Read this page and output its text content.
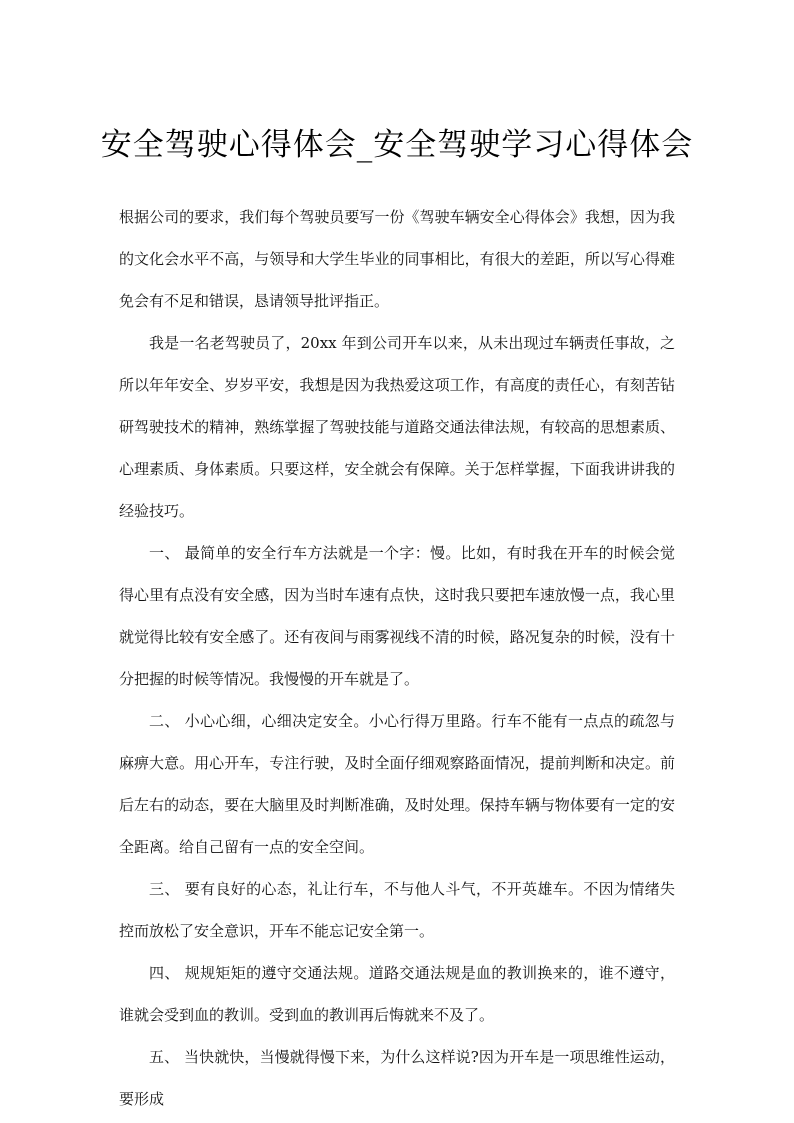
安全驾驶心得体会_安全驾驶学习心得体会

根据公司的要求，我们每个驾驶员要写一份《驾驶车辆安全心得体会》我想，因为我的文化会水平不高，与领导和大学生毕业的同事相比，有很大的差距，所以写心得难免会有不足和错误，恳请领导批评指正。

我是一名老驾驶员了，20xx 年到公司开车以来，从未出现过车辆责任事故，之所以年年安全、岁岁平安，我想是因为我热爱这项工作，有高度的责任心，有刻苦钻研驾驶技术的精神，熟练掌握了驾驶技能与道路交通法律法规，有较高的思想素质、心理素质、身体素质。只要这样，安全就会有保障。关于怎样掌握，下面我讲讲我的经验技巧。

一、 最简单的安全行车方法就是一个字：慢。比如，有时我在开车的时候会觉得心里有点没有安全感，因为当时车速有点快，这时我只要把车速放慢一点，我心里就觉得比较有安全感了。还有夜间与雨雾视线不清的时候，路况复杂的时候，没有十分把握的时候等情况。我慢慢的开车就是了。

二、 小心心细，心细决定安全。小心行得万里路。行车不能有一点点的疏忽与麻痹大意。用心开车，专注行驶，及时全面仔细观察路面情况，提前判断和决定。前后左右的动态，要在大脑里及时判断准确，及时处理。保持车辆与物体要有一定的安全距离。给自己留有一点的安全空间。

三、 要有良好的心态，礼让行车，不与他人斗气，不开英雄车。不因为情绪失控而放松了安全意识，开车不能忘记安全第一。

四、 规规矩矩的遵守交通法规。道路交通法规是血的教训换来的，谁不遵守，谁就会受到血的教训。受到血的教训再后悔就来不及了。

五、 当快就快，当慢就得慢下来，为什么这样说?因为开车是一项思维性运动，要形成
